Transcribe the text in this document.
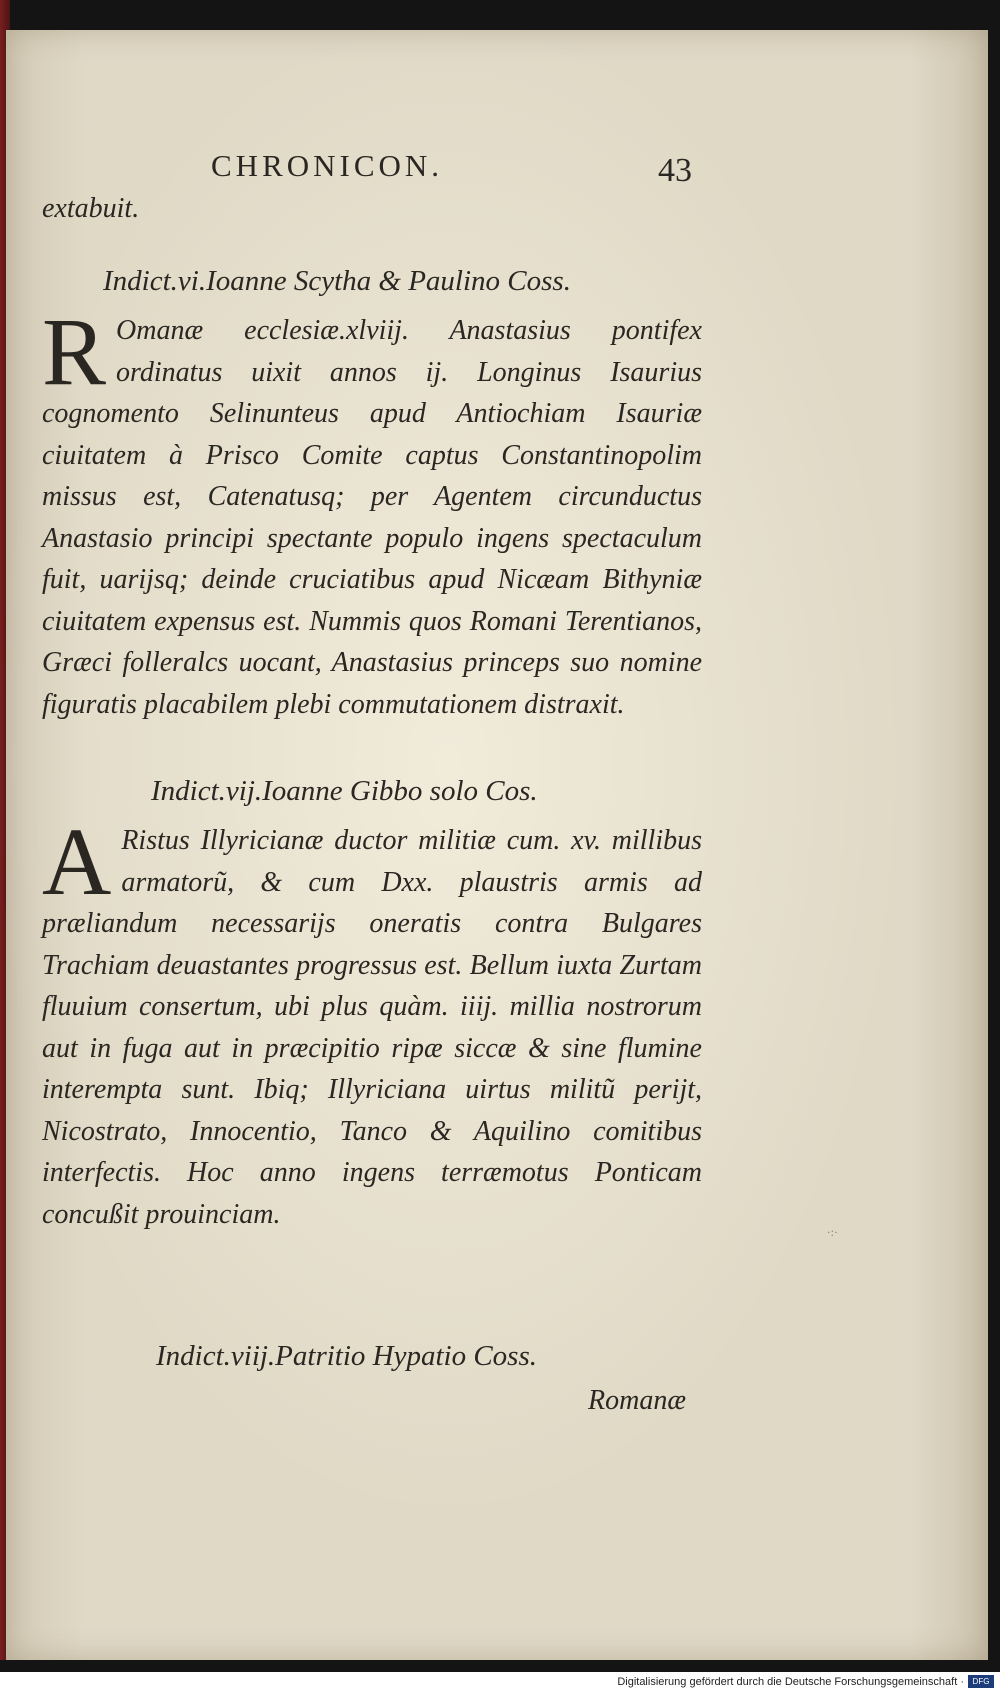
CHRONICON.	43
extabuit.
Indict.vi.Ioanne Scytha & Paulino Coss.
R Omanæ ecclesiæ.xlviij. Anastasius pontifex ordinatus uixit annos ij. Longinus Isaurius cognomento Selinunteus apud Antiochiam Isauriæ ciuitatem à Prisco Comite captus Constantinopolim missus est, Catenatusq; per Agentem circunductus Anastasio principi spectante populo ingens spectaculum fuit, uarijsq; deinde cruciatibus apud Nicæam Bithyniæ ciuitatem expensus est. Nummis quos Romani Terentianos, Græci folleralcs uocant, Anastasius princeps suo nomine figuratis placabilem plebi commutationem distraxit.
Indict.vij.Ioanne Gibbo solo Cos.
A Ristus Illyricianæ ductor militiæ cum. xv. millibus armatorũ, & cum Dxx. plaustris armis ad præliandum necessarijs oneratis contra Bulgares Trachiam deuastantes progressus est. Bellum iuxta Zurtam fluuium consertum, ubi plus quàm. iiij. millia nostrorum aut in fuga aut in præcipitio ripæ siccæ & sine flumine interempta sunt. Ibiq; Illyriciana uirtus militũ perijt, Nicostrato, Innocentio, Tanco & Aquilino comitibus interfectis. Hoc anno ingens terræmotus Ponticam concußit prouinciam.
Indict.viij.Patritio Hypatio Coss.
Romanæ
·:·
Digitalisierung gefördert durch die Deutsche Forschungsgemeinschaft ·	DFG
